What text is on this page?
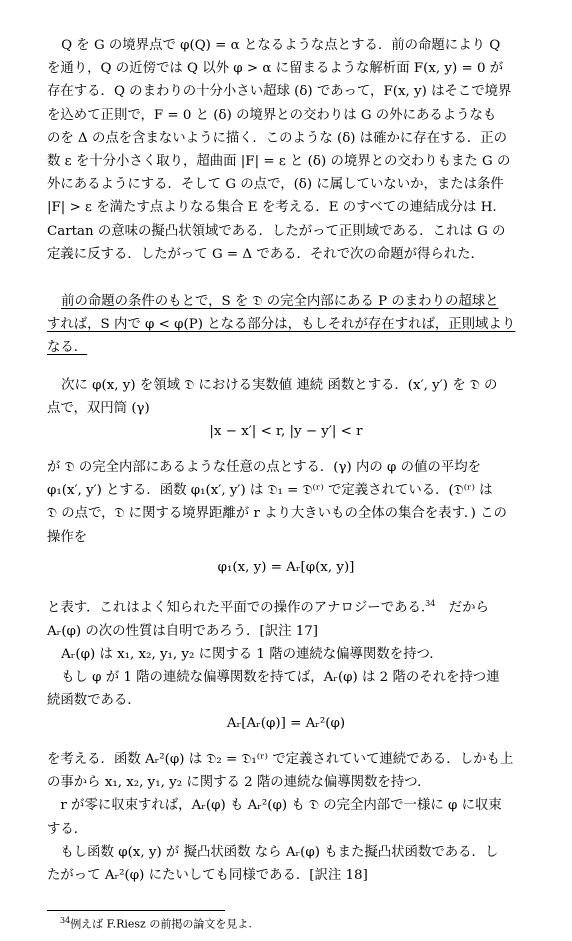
Q を G の境界点で φ(Q) = α となるような点とする．前の命題により Q

を通り，Q の近傍では Q 以外 φ > α に留まるような解析面 F(x, y) = 0 が

存在する．Q のまわりの十分小さい超球 (δ) であって，F(x, y) はそこで境界

を込めて正則で，F = 0 と (δ) の境界との交わりは G の外にあるようなも

のを Δ の点を含まないように描く．このような (δ) は確かに存在する．正の

数 ε を十分小さく取り，超曲面 |F| = ε と (δ) の境界との交わりもまた G の

外にあるようにする．そして G の点で，(δ) に属していないか，または条件

|F| > ε を満たす点よりなる集合 E を考える．E のすべての連結成分は H.

Cartan の意味の擬凸状領域である．したがって正則域である．これは G の

定義に反する．したがって G = Δ である．それで次の命題が得られた．

前の命題の条件のもとで，S を 𝔇 の完全内部にある P のまわりの超球と

すれば，S 内で φ < φ(P) となる部分は，もしそれが存在すれば，正則域より

なる．

次に φ(x, y) を領域 𝔇 における実数値 連続 函数とする．(x′, y′) を 𝔇 の

点で，双円筒 (γ)

|x − x′| < r, |y − y′| < r

が 𝔇 の完全内部にあるような任意の点とする．(γ) 内の φ の値の平均を

φ₁(x′, y′) とする．函数 φ₁(x′, y′) は 𝔇₁ = 𝔇⁽ʳ⁾ で定義されている．(𝔇⁽ʳ⁾ は

𝔇 の点で，𝔇 に関する境界距離が r より大きいもの全体の集合を表す．) この

操作を

φ₁(x, y) = Aᵣ[φ(x, y)]

と表す．これはよく知られた平面での操作のアナロジーである.$^{34}$　だから

Aᵣ(φ) の次の性質は自明であろう．[訳注 17]

Aᵣ(φ) は x₁, x₂, y₁, y₂ に関する 1 階の連続な偏導関数を持つ．

もし φ が 1 階の連続な偏導関数を持てば，Aᵣ(φ) は 2 階のそれを持つ連

続函数である．

Aᵣ[Aᵣ(φ)] = Aᵣ²(φ)

を考える．函数 Aᵣ²(φ) は 𝔇₂ = 𝔇₁⁽ʳ⁾ で定義されていて連続である．しかも上

の事から x₁, x₂, y₁, y₂ に関する 2 階の連続な偏導関数を持つ．

　r が零に収束すれば，Aᵣ(φ) も Aᵣ²(φ) も 𝔇 の完全内部で一様に φ に収束

する．

　もし函数 φ(x, y) が 擬凸状函数 なら Aᵣ(φ) もまた擬凸状函数である．し

たがって Aᵣ²(φ) にたいしても同様である．[訳注 18]

$^{34}$例えば F.Riesz の前掲の論文を見よ.
